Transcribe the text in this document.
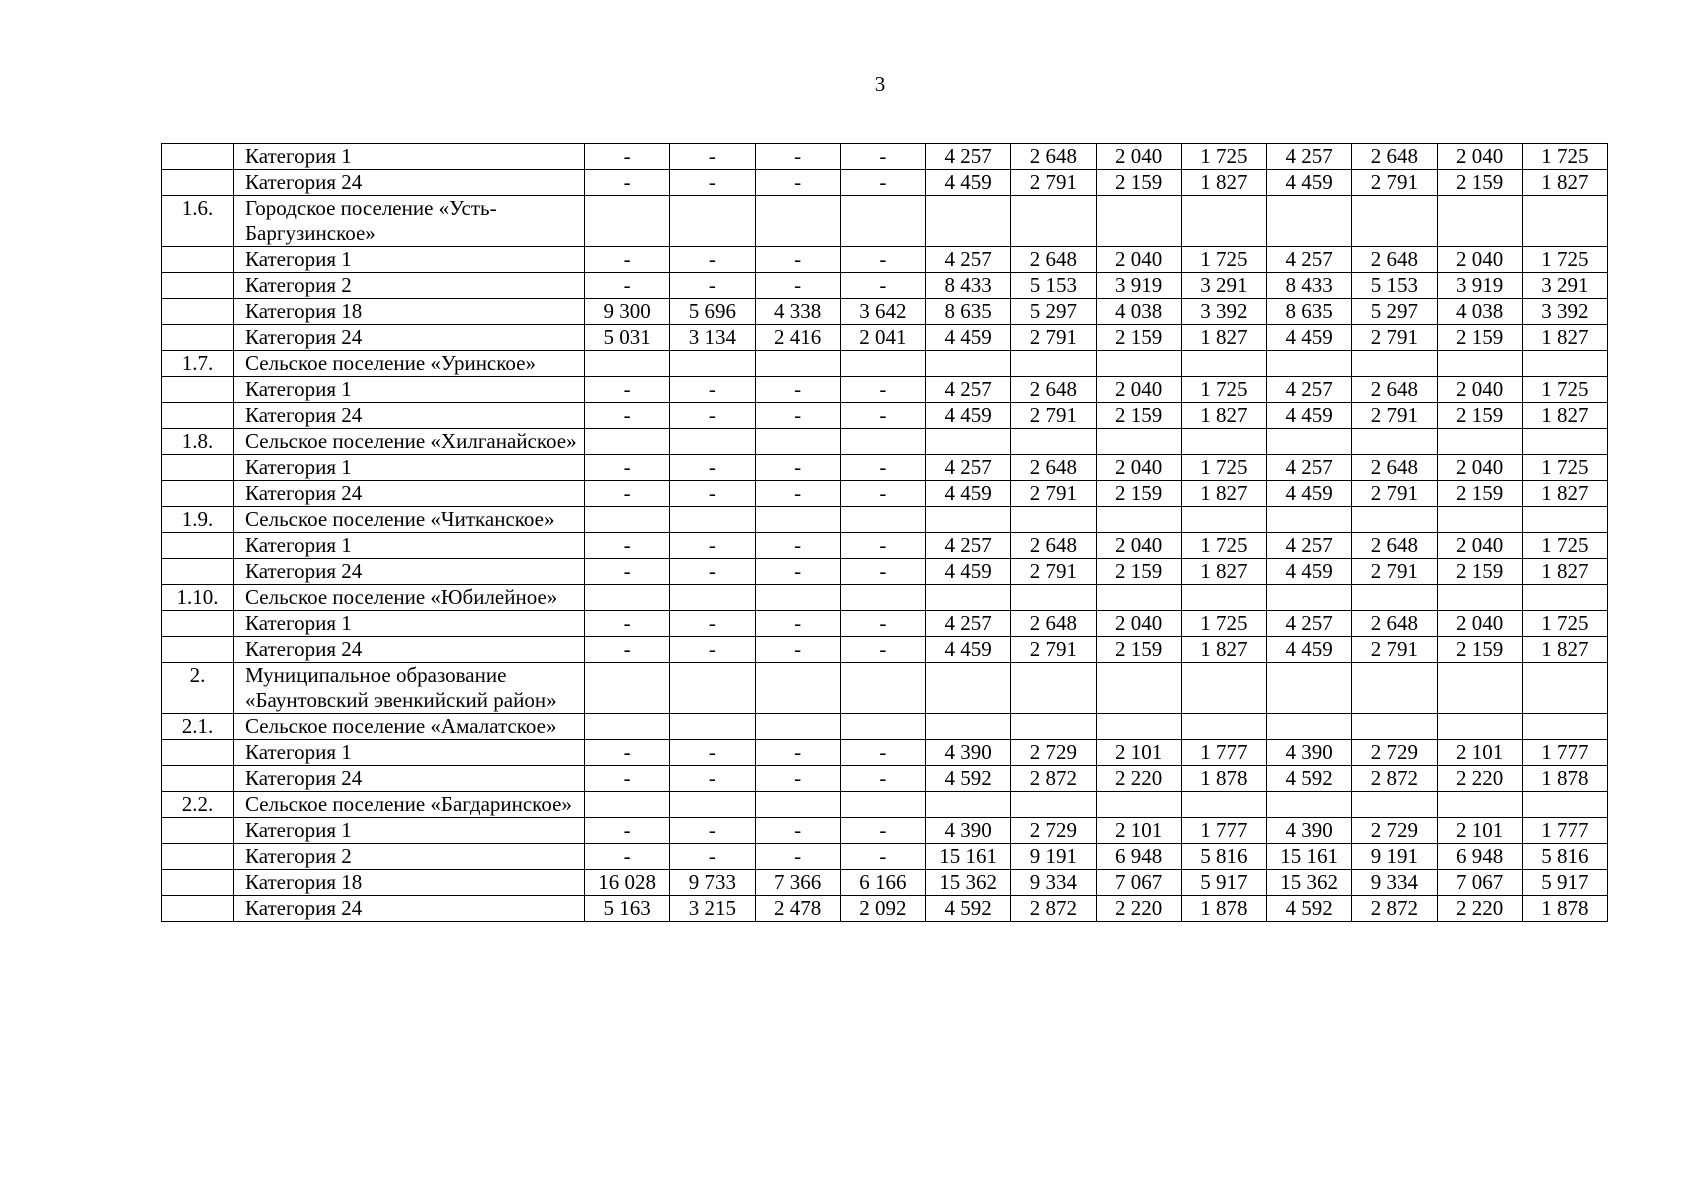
3
	Категория 1	-	-	-	-	4 257	2 648	2 040	1 725	4 257	2 648	2 040	1 725
	Категория 24	-	-	-	-	4 459	2 791	2 159	1 827	4 459	2 791	2 159	1 827
1.6.	Городское поселение «Усть-Баргузинское»												
	Категория 1	-	-	-	-	4 257	2 648	2 040	1 725	4 257	2 648	2 040	1 725
	Категория 2	-	-	-	-	8 433	5 153	3 919	3 291	8 433	5 153	3 919	3 291
	Категория 18	9 300	5 696	4 338	3 642	8 635	5 297	4 038	3 392	8 635	5 297	4 038	3 392
	Категория 24	5 031	3 134	2 416	2 041	4 459	2 791	2 159	1 827	4 459	2 791	2 159	1 827
1.7.	Сельское поселение «Уринское»												
	Категория 1	-	-	-	-	4 257	2 648	2 040	1 725	4 257	2 648	2 040	1 725
	Категория 24	-	-	-	-	4 459	2 791	2 159	1 827	4 459	2 791	2 159	1 827
1.8.	Сельское поселение «Хилганайское»												
	Категория 1	-	-	-	-	4 257	2 648	2 040	1 725	4 257	2 648	2 040	1 725
	Категория 24	-	-	-	-	4 459	2 791	2 159	1 827	4 459	2 791	2 159	1 827
1.9.	Сельское поселение «Читканское»												
	Категория 1	-	-	-	-	4 257	2 648	2 040	1 725	4 257	2 648	2 040	1 725
	Категория 24	-	-	-	-	4 459	2 791	2 159	1 827	4 459	2 791	2 159	1 827
1.10.	Сельское поселение «Юбилейное»												
	Категория 1	-	-	-	-	4 257	2 648	2 040	1 725	4 257	2 648	2 040	1 725
	Категория 24	-	-	-	-	4 459	2 791	2 159	1 827	4 459	2 791	2 159	1 827
2.	Муниципальное образование «Баунтовский эвенкийский район»												
2.1.	Сельское поселение «Амалатское»												
	Категория 1	-	-	-	-	4 390	2 729	2 101	1 777	4 390	2 729	2 101	1 777
	Категория 24	-	-	-	-	4 592	2 872	2 220	1 878	4 592	2 872	2 220	1 878
2.2.	Сельское поселение «Багдаринское»												
	Категория 1	-	-	-	-	4 390	2 729	2 101	1 777	4 390	2 729	2 101	1 777
	Категория 2	-	-	-	-	15 161	9 191	6 948	5 816	15 161	9 191	6 948	5 816
	Категория 18	16 028	9 733	7 366	6 166	15 362	9 334	7 067	5 917	15 362	9 334	7 067	5 917
	Категория 24	5 163	3 215	2 478	2 092	4 592	2 872	2 220	1 878	4 592	2 872	2 220	1 878
